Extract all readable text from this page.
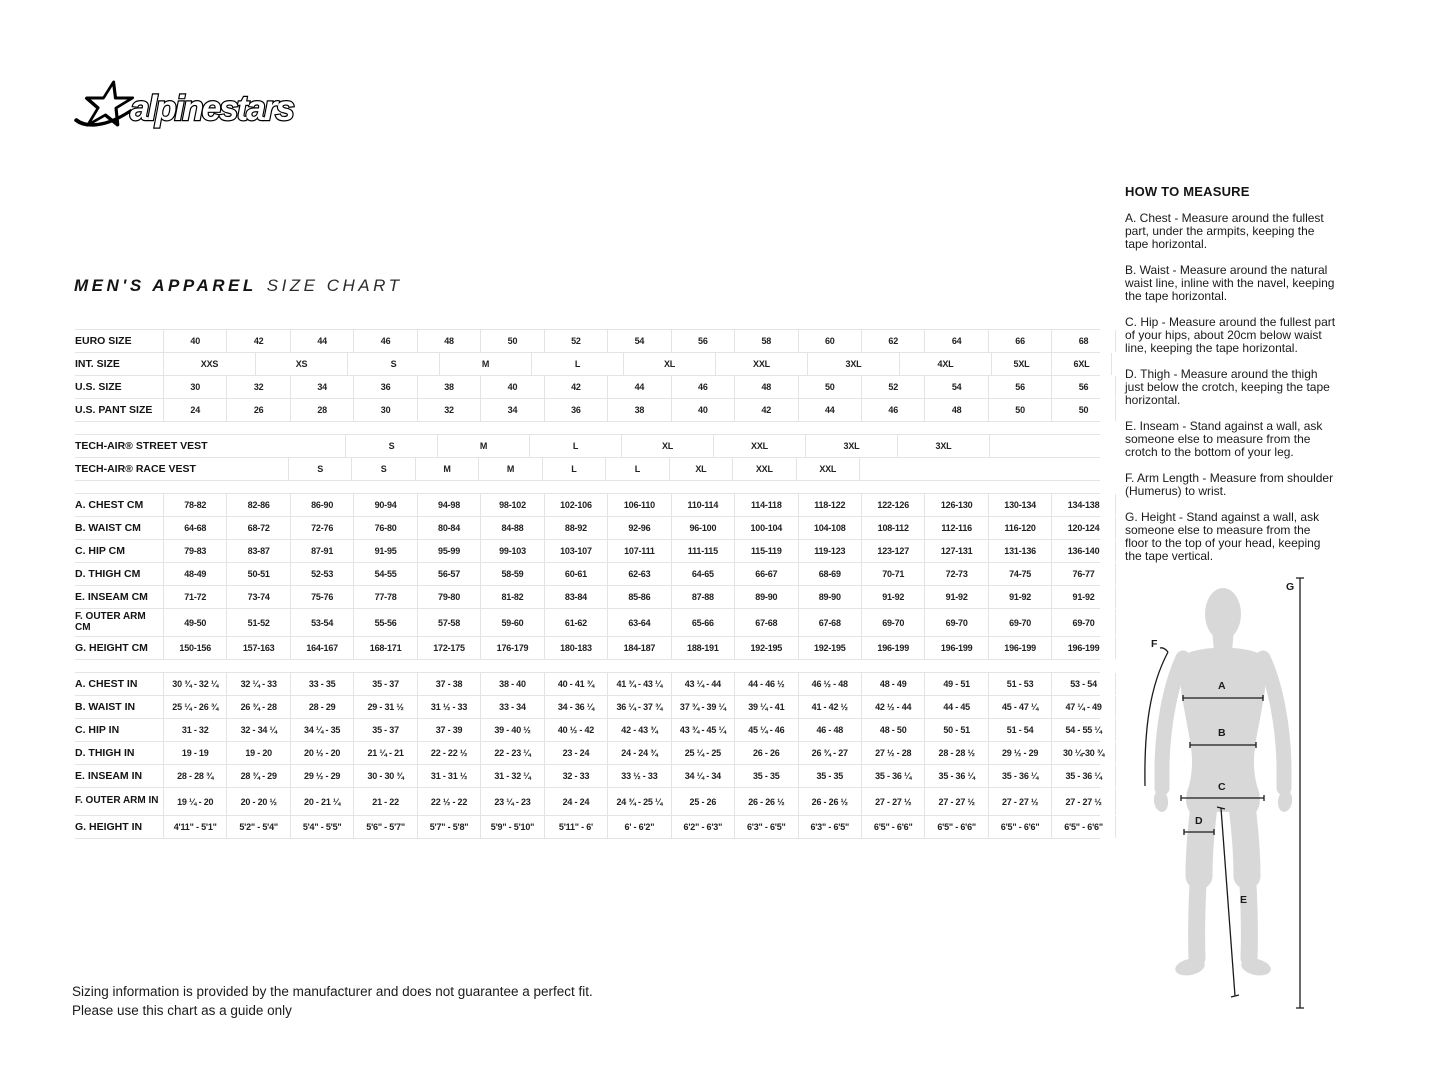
alpinestars
MEN'S APPAREL SIZE CHART
EURO SIZE	40	42	44	46	48	50	52	54	56	58	60	62	64	66	68
INT. SIZE	XXS	XS	S	M	L	XL	XXL	3XL	4XL	5XL	6XL
U.S. SIZE	30	32	34	36	38	40	42	44	46	48	50	52	54	56	56
U.S. PANT SIZE	24	26	28	30	32	34	36	38	40	42	44	46	48	50	50
TECH-AIR® STREET VEST	S	M	L	XL	XXL	3XL	3XL
TECH-AIR® RACE VEST	S	S	M	M	L	L	XL	XXL	XXL
A. CHEST CM	78-82	82-86	86-90	90-94	94-98	98-102	102-106	106-110	110-114	114-118	118-122	122-126	126-130	130-134	134-138
B. WAIST CM	64-68	68-72	72-76	76-80	80-84	84-88	88-92	92-96	96-100	100-104	104-108	108-112	112-116	116-120	120-124
C. HIP CM	79-83	83-87	87-91	91-95	95-99	99-103	103-107	107-111	111-115	115-119	119-123	123-127	127-131	131-136	136-140
D. THIGH CM	48-49	50-51	52-53	54-55	56-57	58-59	60-61	62-63	64-65	66-67	68-69	70-71	72-73	74-75	76-77
E. INSEAM CM	71-72	73-74	75-76	77-78	79-80	81-82	83-84	85-86	87-88	89-90	89-90	91-92	91-92	91-92	91-92
F. OUTER ARM CM	49-50	51-52	53-54	55-56	57-58	59-60	61-62	63-64	65-66	67-68	67-68	69-70	69-70	69-70	69-70
G. HEIGHT CM	150-156	157-163	164-167	168-171	172-175	176-179	180-183	184-187	188-191	192-195	192-195	196-199	196-199	196-199	196-199
A. CHEST IN	30 ¾ - 32 ¼	32 ¼ - 33	33 - 35	35 - 37	37 - 38	38 - 40	40 - 41 ¾	41 ¾ - 43 ¼	43 ¼ - 44	44 - 46 ½	46 ½ - 48	48 - 49	49 - 51	51 - 53	53 - 54
B. WAIST IN	25 ¼ - 26 ¾	26 ¾ - 28	28 - 29	29 - 31 ½	31 ½ - 33	33 - 34	34 - 36 ¼	36 ¼ - 37 ¾	37 ¾ - 39 ¼	39 ¼ - 41	41 - 42 ½	42 ½ - 44	44 - 45	45 - 47 ¼	47 ¼ - 49
C. HIP IN	31 - 32	32 - 34 ¼	34 ¼ - 35	35 - 37	37 - 39	39 - 40 ½	40 ½ - 42	42 - 43 ¾	43 ¾ - 45 ¼	45 ¼ - 46	46 - 48	48 - 50	50 - 51	51 - 54	54 - 55 ¼
D. THIGH IN	19 - 19	19 - 20	20 ½ - 20	21 ¼ - 21	22 - 22 ½	22 - 23 ¼	23 - 24	24 - 24 ¾	25 ¼ - 25	26 - 26	26 ¾ - 27	27 ½ - 28	28 - 28 ½	29 ½ - 29	30 ¼-30 ¾
E. INSEAM IN	28 - 28 ¾	28 ¾ - 29	29 ½ - 29	30 - 30 ¾	31 - 31 ½	31 - 32 ¼	32 - 33	33 ½ - 33	34 ¼ - 34	35 - 35	35 - 35	35 - 36 ¼	35 - 36 ¼	35 - 36 ¼	35 - 36 ¼
F. OUTER ARM IN	19 ¼ - 20	20 - 20 ½	20 - 21 ¼	21 - 22	22 ½ - 22	23 ¼ - 23	24 - 24	24 ¾ - 25 ¼	25 - 26	26 - 26 ½	26 - 26 ½	27 - 27 ½	27 - 27 ½	27 - 27 ½	27 - 27 ½
G. HEIGHT IN	4'11" - 5'1"	5'2" - 5'4"	5'4" - 5'5"	5'6" - 5'7"	5'7" - 5'8"	5'9" - 5'10"	5'11" - 6'	6' - 6'2"	6'2" - 6'3"	6'3" - 6'5"	6'3" - 6'5"	6'5" - 6'6"	6'5" - 6'6"	6'5" - 6'6"	6'5" - 6'6"
HOW TO MEASURE

A. Chest - Measure around the fullest part, under the armpits, keeping the tape horizontal.

B. Waist - Measure around the natural waist line, inline with the navel, keeping the tape horizontal.

C. Hip - Measure around the fullest part of your hips, about 20cm below waist line, keeping the tape horizontal.

D. Thigh - Measure around the thigh just below the crotch, keeping the tape horizontal.

E. Inseam - Stand against a wall, ask someone else to measure from the crotch to the bottom of your leg.

F. Arm Length - Measure from shoulder (Humerus) to wrist.

G. Height - Stand against a wall, ask someone else to measure from the floor to the top of your head, keeping the tape vertical.

A
B
C
D
E
F
G

Sizing information is provided by the manufacturer and does not guarantee a perfect fit.
Please use this chart as a guide only
